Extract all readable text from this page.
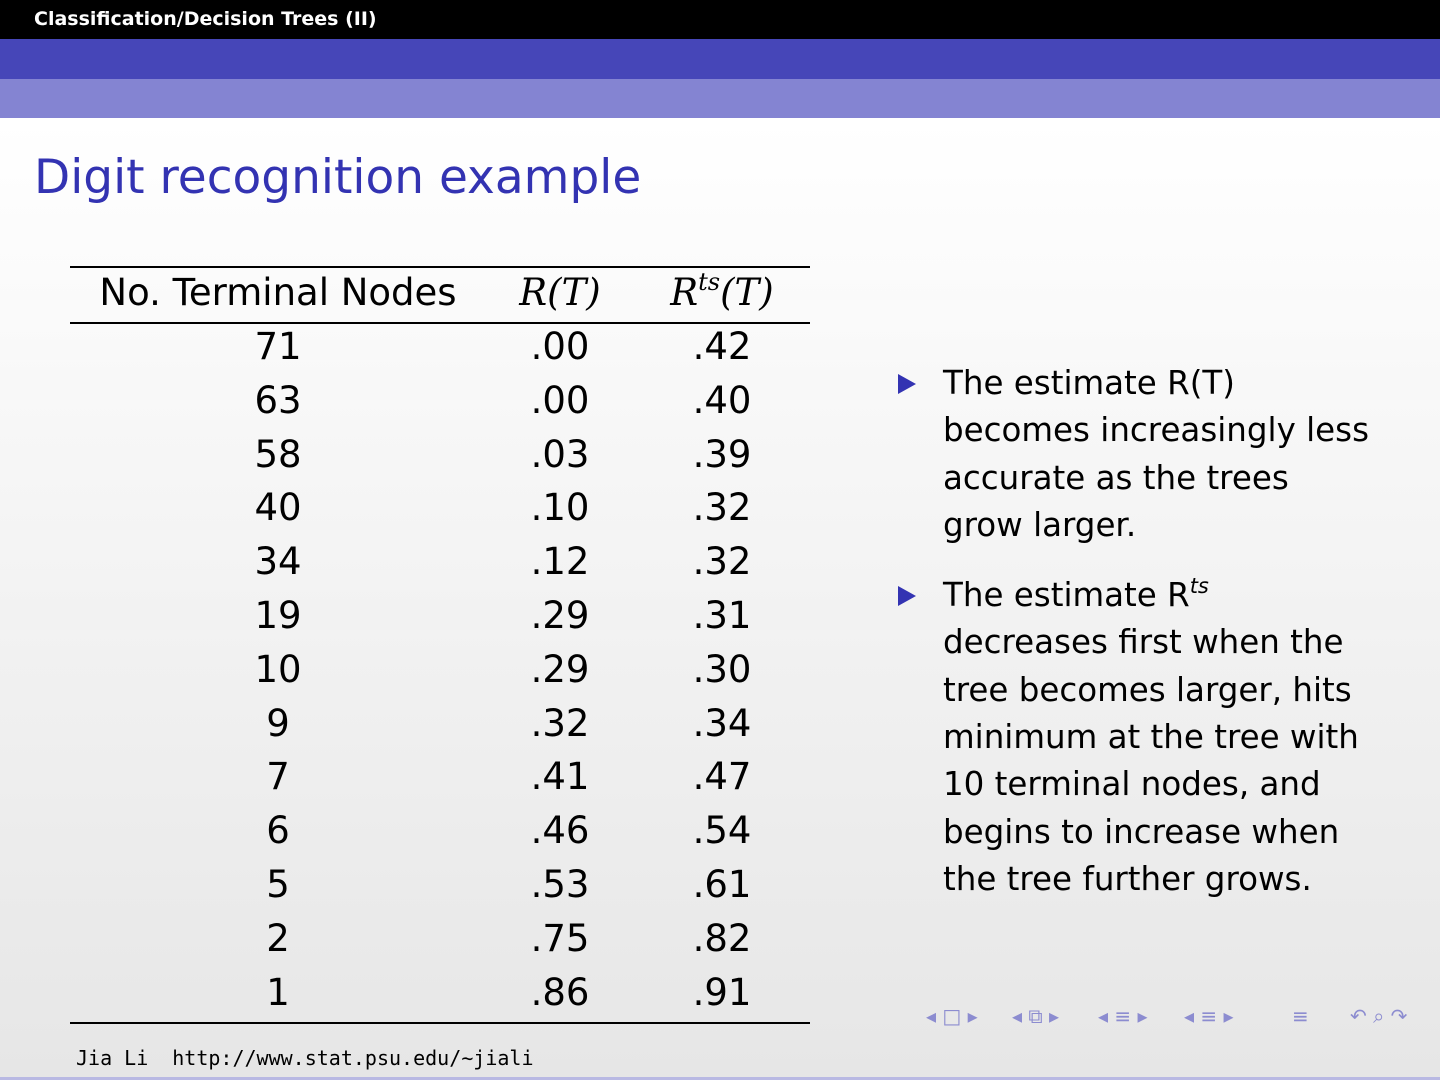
Classification/Decision Trees (II)
Digit recognition example
No. Terminal Nodes	R(T)	$R^{ts}(T)$
71	.00	.42
63	.00	.40
58	.03	.39
40	.10	.32
34	.12	.32
19	.29	.31
10	.29	.30
9	.32	.34
7	.41	.47
6	.46	.54
5	.53	.61
2	.75	.82
1	.86	.91
The estimate R(T)
becomes increasingly less
accurate as the trees
grow larger.
The estimate $R^{ts}$
decreases first when the
tree becomes larger, hits
minimum at the tree with
10 terminal nodes, and
begins to increase when
the tree further grows.
◂ □ ▸ ◂ ⧉ ▸ ◂ ≡ ▸ ◂ ≡ ▸	≡ ↶ ⌕ ↷
Jia Li http://www.stat.psu.edu/∼jiali
